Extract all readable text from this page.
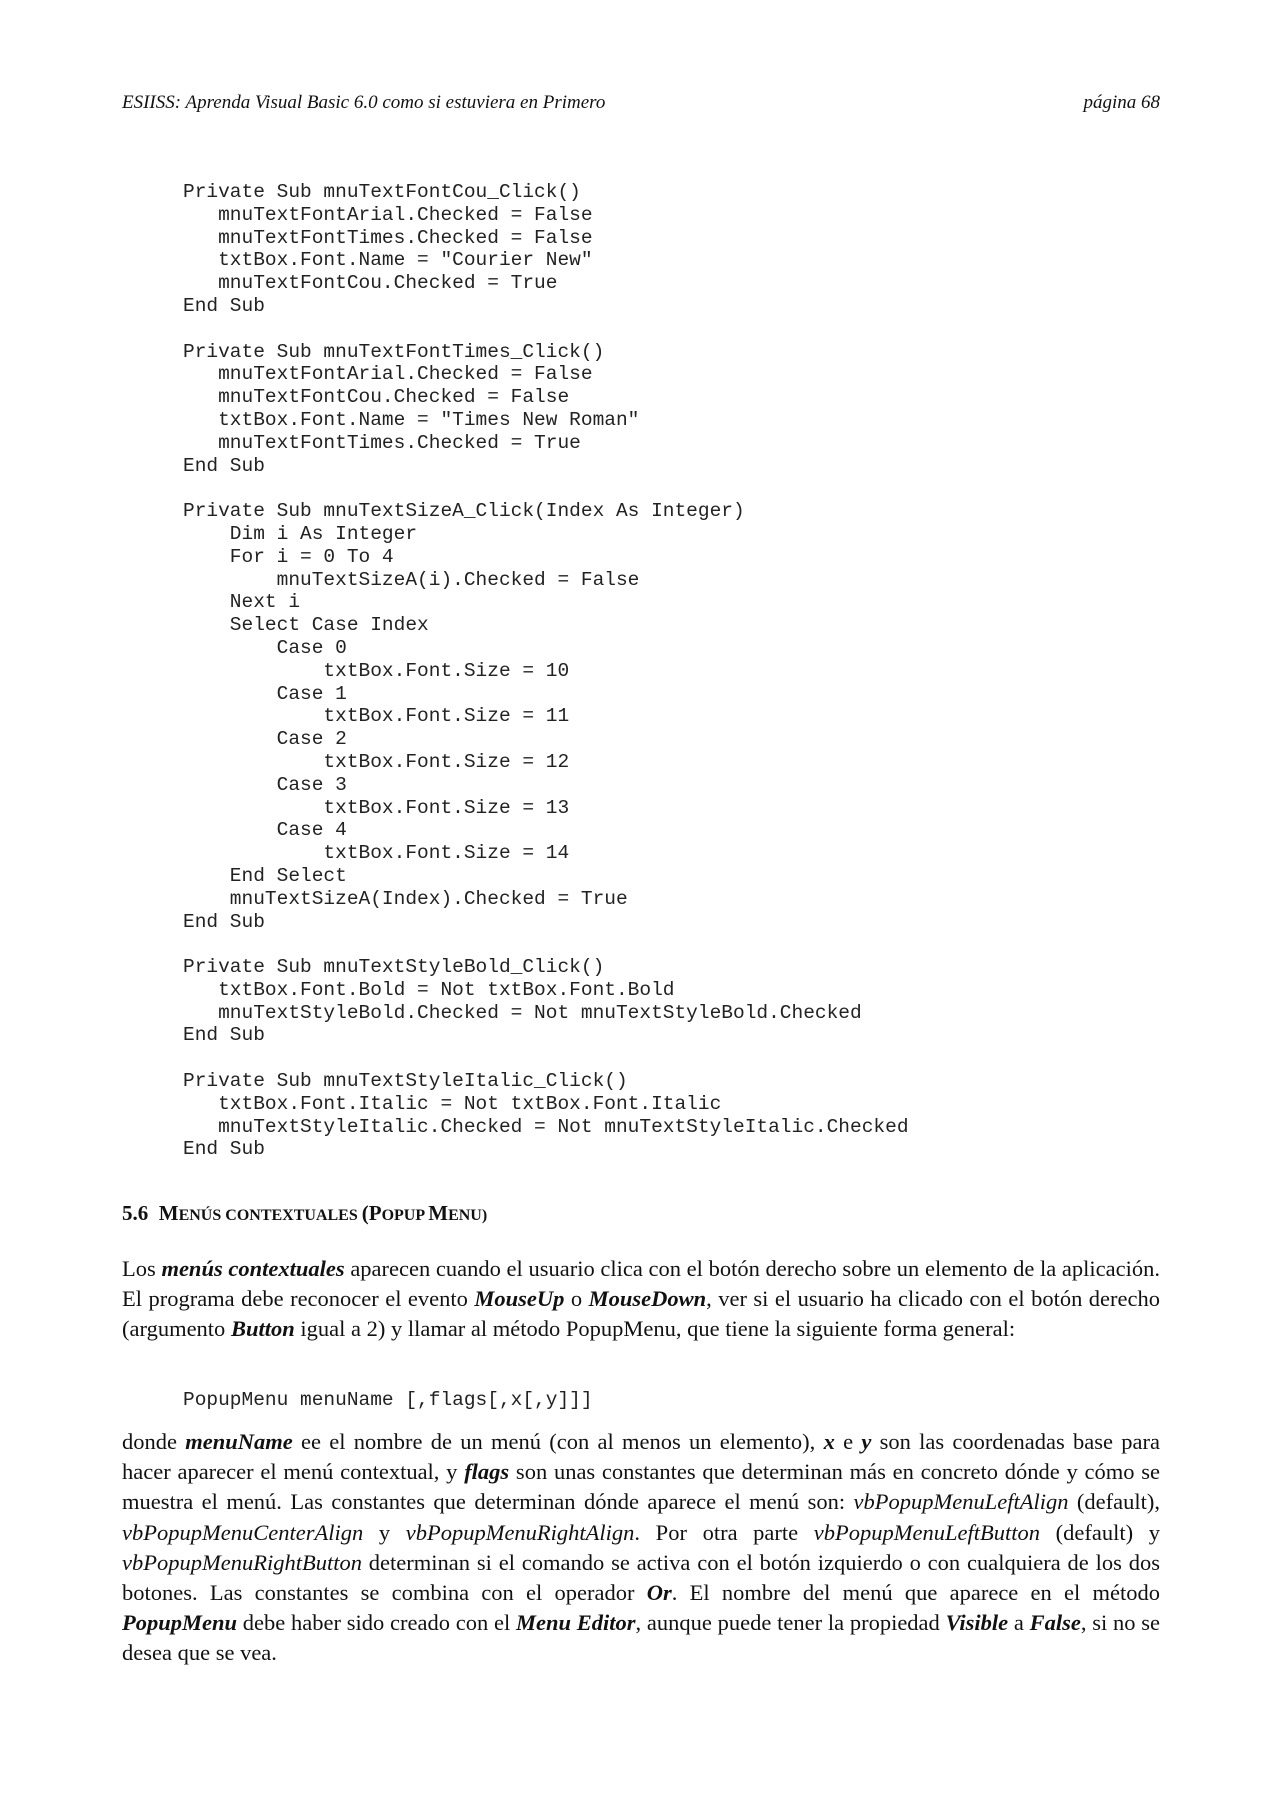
ESIISS: Aprenda Visual Basic 6.0 como si estuviera en Primero	página 68
Private Sub mnuTextFontCou_Click()
mnuTextFontArial.Checked = False
mnuTextFontTimes.Checked = False
txtBox.Font.Name = "Courier New"
mnuTextFontCou.Checked = True
End Sub
Private Sub mnuTextFontTimes_Click()
mnuTextFontArial.Checked = False
mnuTextFontCou.Checked = False
txtBox.Font.Name = "Times New Roman"
mnuTextFontTimes.Checked = True
End Sub
Private Sub mnuTextSizeA_Click(Index As Integer)
Dim i As Integer
For i = 0 To 4
mnuTextSizeA(i).Checked = False
Next i
Select Case Index
Case 0
txtBox.Font.Size = 10
Case 1
txtBox.Font.Size = 11
Case 2
txtBox.Font.Size = 12
Case 3
txtBox.Font.Size = 13
Case 4
txtBox.Font.Size = 14
End Select
mnuTextSizeA(Index).Checked = True
End Sub
Private Sub mnuTextStyleBold_Click()
txtBox.Font.Bold = Not txtBox.Font.Bold
mnuTextStyleBold.Checked = Not mnuTextStyleBold.Checked
End Sub
Private Sub mnuTextStyleItalic_Click()
txtBox.Font.Italic = Not txtBox.Font.Italic
mnuTextStyleItalic.Checked = Not mnuTextStyleItalic.Checked
End Sub
5.6 MENÚS CONTEXTUALES (POPUP MENU)
Los menús contextuales aparecen cuando el usuario clica con el botón derecho sobre un elemento de la aplicación. El programa debe reconocer el evento MouseUp o MouseDown, ver si el usuario ha clicado con el botón derecho (argumento Button igual a 2) y llamar al método PopupMenu, que tiene la siguiente forma general:
PopupMenu menuName [,flags[,x[,y]]]
donde menuName ee el nombre de un menú (con al menos un elemento), x e y son las coordenadas base para hacer aparecer el menú contextual, y flags son unas constantes que determinan más en concreto dónde y cómo se muestra el menú. Las constantes que determinan dónde aparece el menú son: vbPopupMenuLeftAlign (default), vbPopupMenuCenterAlign y vbPopupMenuRightAlign. Por otra parte vbPopupMenuLeftButton (default) y vbPopupMenuRightButton determinan si el comando se activa con el botón izquierdo o con cualquiera de los dos botones. Las constantes se combina con el operador Or. El nombre del menú que aparece en el método PopupMenu debe haber sido creado con el Menu Editor, aunque puede tener la propiedad Visible a False, si no se desea que se vea.
